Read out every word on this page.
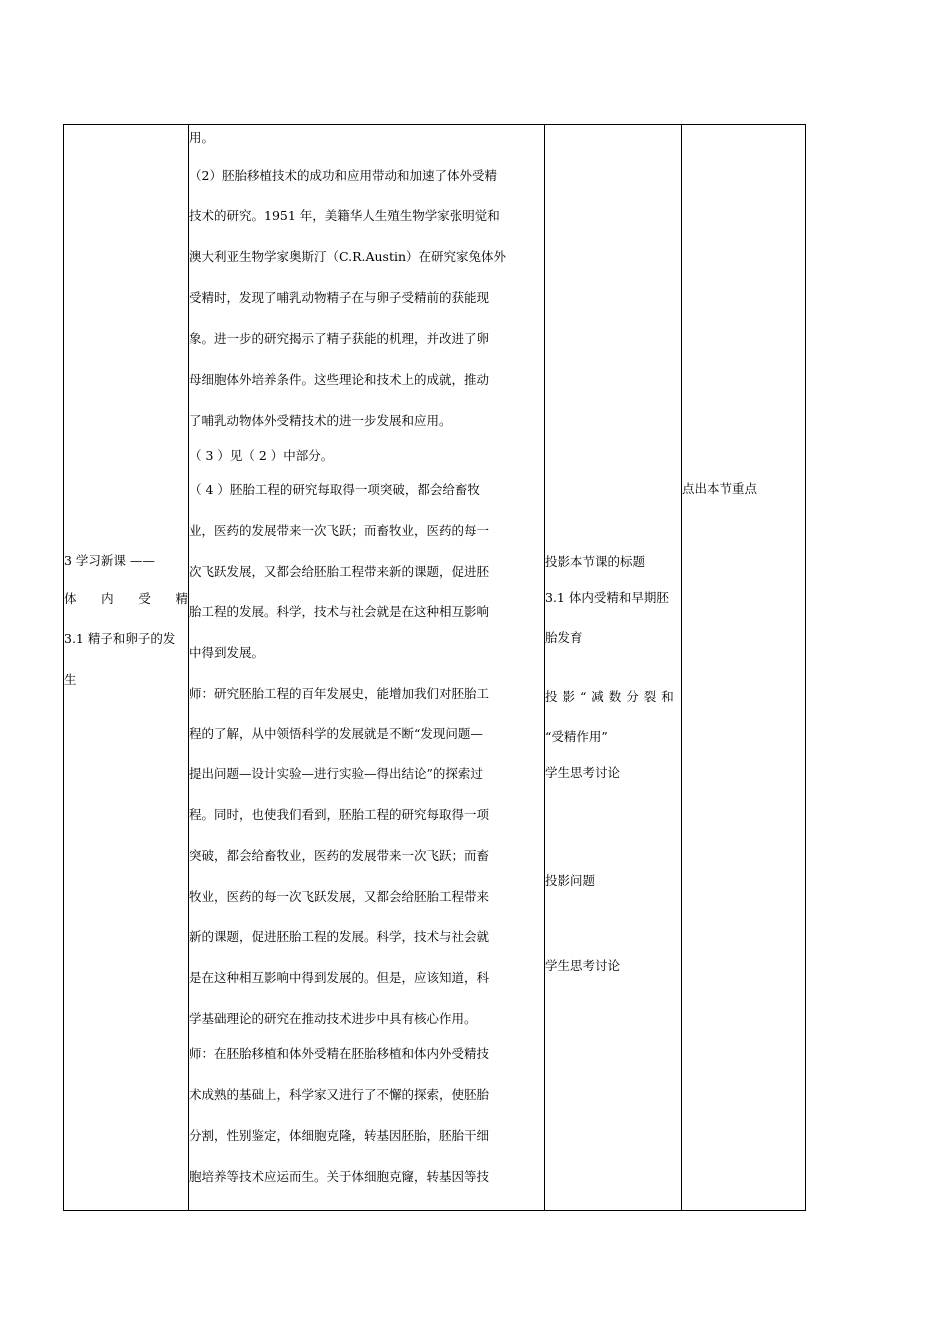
3 学习新课 ——
体 内 受 精
3.1 精子和卵子的发
生
用。
（2）胚胎移植技术的成功和应用带动和加速了体外受精
技术的研究。1951 年，美籍华人生殖生物学家张明觉和
澳大利亚生物学家奥斯汀（C.R.Austin）在研究家兔体外
受精时，发现了哺乳动物精子在与卵子受精前的获能现
象。进一步的研究揭示了精子获能的机理，并改进了卵
母细胞体外培养条件。这些理论和技术上的成就，推动
了哺乳动物体外受精技术的进一步发展和应用。
（ 3 ）见（ 2 ）中部分。
（ 4 ）胚胎工程的研究每取得一项突破，都会给畜牧
业，医药的发展带来一次飞跃；而畜牧业，医药的每一
次飞跃发展，又都会给胚胎工程带来新的课题，促进胚
胎工程的发展。科学，技术与社会就是在这种相互影响
中得到发展。
师：研究胚胎工程的百年发展史，能增加我们对胚胎工
程的了解，从中领悟科学的发展就是不断“发现问题—
提出问题—设计实验—进行实验—得出结论”的探索过
程。同时，也使我们看到，胚胎工程的研究每取得一项
突破，都会给畜牧业，医药的发展带来一次飞跃；而畜
牧业，医药的每一次飞跃发展，又都会给胚胎工程带来
新的课题，促进胚胎工程的发展。科学，技术与社会就
是在这种相互影响中得到发展的。但是，应该知道，科
学基础理论的研究在推动技术进步中具有核心作用。
师：在胚胎移植和体外受精在胚胎移植和体内外受精技
术成熟的基础上，科学家又进行了不懈的探索，使胚胎
分割，性别鉴定，体细胞克隆，转基因胚胎，胚胎干细
胞培养等技术应运而生。关于体细胞克窿，转基因等技
投影本节课的标题
3.1 体内受精和早期胚
胎发育
投 影 “ 减 数 分 裂 和
“受精作用”
学生思考讨论
投影问题
学生思考讨论
点出本节重点
